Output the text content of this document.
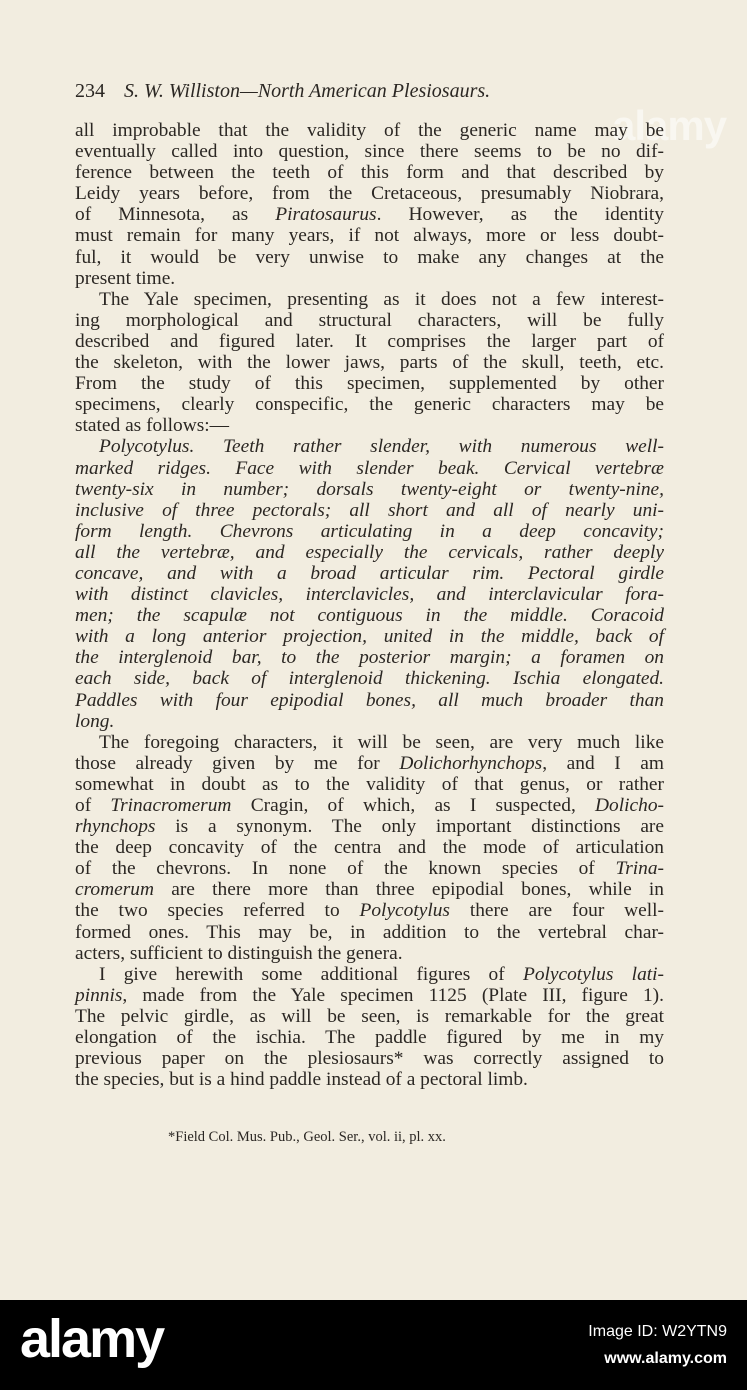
234 S. W. Williston—North American Plesiosaurs.
alamy
all improbable that the validity of the generic name may be
eventually called into question, since there seems to be no dif-
ference between the teeth of this form and that described by
Leidy years before, from the Cretaceous, presumably Niobrara,
of Minnesota, as Piratosaurus. However, as the identity
must remain for many years, if not always, more or less doubt-
ful, it would be very unwise to make any changes at the
present time.
The Yale specimen, presenting as it does not a few interest-
ing morphological and structural characters, will be fully
described and figured later. It comprises the larger part of
the skeleton, with the lower jaws, parts of the skull, teeth, etc.
From the study of this specimen, supplemented by other
specimens, clearly conspecific, the generic characters may be
stated as follows:—
Polycotylus. Teeth rather slender, with numerous well-
marked ridges. Face with slender beak. Cervical vertebræ
twenty-six in number; dorsals twenty-eight or twenty-nine,
inclusive of three pectorals; all short and all of nearly uni-
form length. Chevrons articulating in a deep concavity;
all the vertebræ, and especially the cervicals, rather deeply
concave, and with a broad articular rim. Pectoral girdle
with distinct clavicles, interclavicles, and interclavicular fora-
men; the scapulæ not contiguous in the middle. Coracoid
with a long anterior projection, united in the middle, back of
the interglenoid bar, to the posterior margin; a foramen on
each side, back of interglenoid thickening. Ischia elongated.
Paddles with four epipodial bones, all much broader than
long.
The foregoing characters, it will be seen, are very much like
those already given by me for Dolichorhynchops, and I am
somewhat in doubt as to the validity of that genus, or rather
of Trinacromerum Cragin, of which, as I suspected, Dolicho-
rhynchops is a synonym. The only important distinctions are
the deep concavity of the centra and the mode of articulation
of the chevrons. In none of the known species of Trina-
cromerum are there more than three epipodial bones, while in
the two species referred to Polycotylus there are four well-
formed ones. This may be, in addition to the vertebral char-
acters, sufficient to distinguish the genera.
I give herewith some additional figures of Polycotylus lati-
pinnis, made from the Yale specimen 1125 (Plate III, figure 1).
The pelvic girdle, as will be seen, is remarkable for the great
elongation of the ischia. The paddle figured by me in my
previous paper on the plesiosaurs* was correctly assigned to
the species, but is a hind paddle instead of a pectoral limb.
*Field Col. Mus. Pub., Geol. Ser., vol. ii, pl. xx.
alamy	Image ID: W2YTN9
www.alamy.com
